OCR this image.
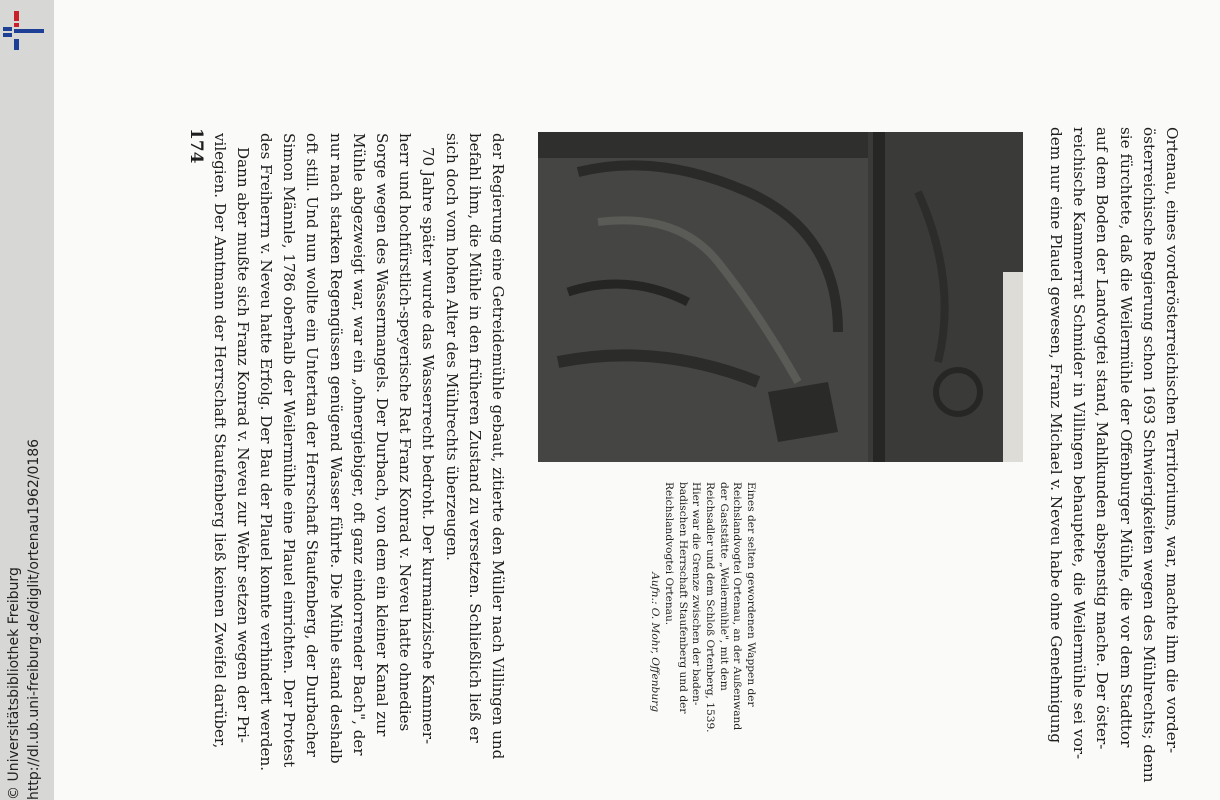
http://dl.ub.uni-freiburg.de/diglit/ortenau1962/0186
© Universitätsbibliothek Freiburg
174	Ortenau, eines vorderösterreichischen Territoriums, war, machte ihm die vorder-
österreichische Regierung schon 1693 Schwierigkeiten wegen des Mühlrechts; denn
sie fürchtete, daß die Weilermühle der Offenburger Mühle, die vor dem Stadttor
auf dem Boden der Landvogtei stand, Mahlkunden abspenstig mache. Der öster-
reichische Kammerrat Schmider in Villingen behauptete, die Weilermühle sei vor-
dem nur eine Plauel gewesen, Franz Michael v. Neveu habe ohne Genehmigung
Eines der selten gewordenen Wappen der
Reichslandvogtei Ortenau, an der Außenwand
der Gaststätte „Weilermühle", mit dem
Reichsadler und dem Schloß Ortenberg, 1539.
Hier war die Grenze zwischen der baden-
badischen Herrschaft Staufenberg und der
Reichslandvogtei Ortenau.
Aufn.: O. Mohr, Offenburg
der Regierung eine Getreidemühle gebaut, zitierte den Müller nach Villingen und
befahl ihm, die Mühle in den früheren Zustand zu versetzen. Schließlich ließ er
sich doch vom hohen Alter des Mühlrechts überzeugen.
70 Jahre später wurde das Wasserrecht bedroht. Der kurmainzische Kammer-
herr und hochfürstlich-speyerische Rat Franz Konrad v. Neveu hatte ohnedies
Sorge wegen des Wassermangels. Der Durbach, von dem ein kleiner Kanal zur
Mühle abgezweigt war, war ein „ohnergiebiger, oft ganz eindorrender Bach", der
nur nach starken Regengüssen genügend Wasser führte. Die Mühle stand deshalb
oft still. Und nun wollte ein Untertan der Herrschaft Staufenberg, der Durbacher
Simon Männle, 1786 oberhalb der Weilermühle eine Plauel einrichten. Der Protest
des Freiherrn v. Neveu hatte Erfolg. Der Bau der Plauel konnte verhindert werden.
Dann aber mußte sich Franz Konrad v. Neveu zur Wehr setzen wegen der Pri-
vilegien. Der Amtmann der Herrschaft Staufenberg ließ keinen Zweifel darüber,
